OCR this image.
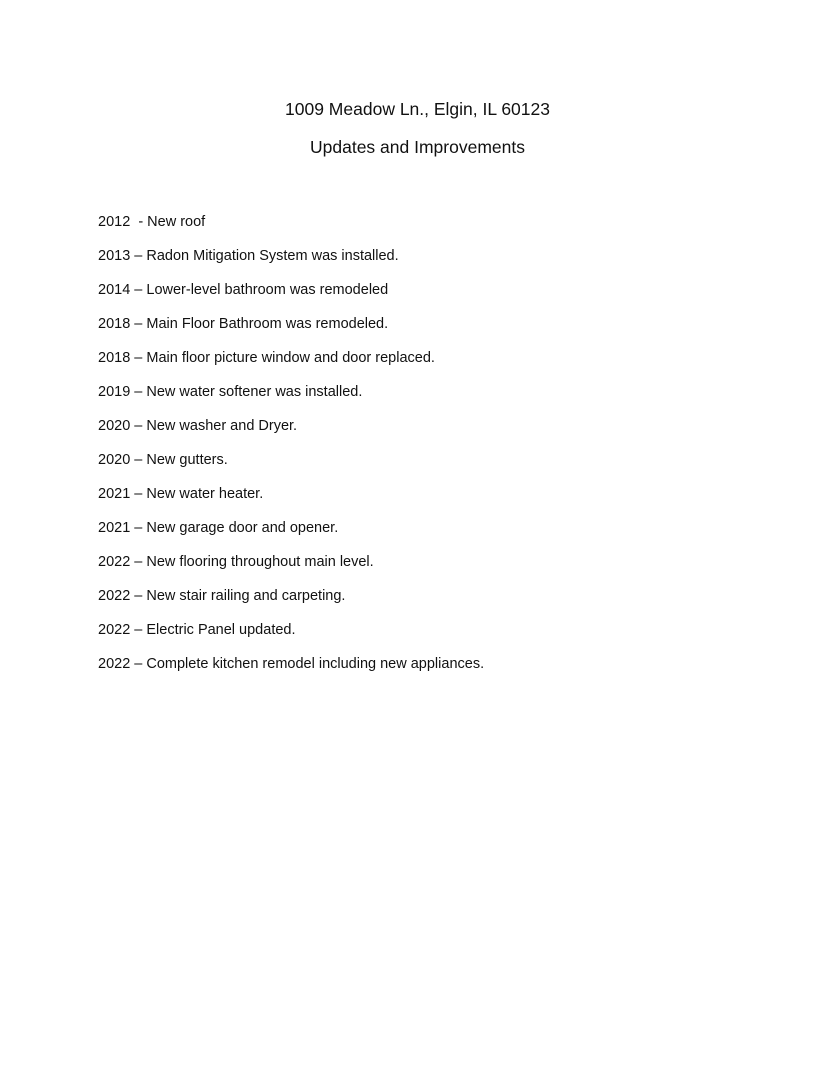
1009 Meadow Ln., Elgin, IL 60123
Updates and Improvements
2012  - New roof
2013 – Radon Mitigation System was installed.
2014 – Lower-level bathroom was remodeled
2018 – Main Floor Bathroom was remodeled.
2018 – Main floor picture window and door replaced.
2019 – New water softener was installed.
2020 – New washer and Dryer.
2020 – New gutters.
2021 – New water heater.
2021 – New garage door and opener.
2022 – New flooring throughout main level.
2022 – New stair railing and carpeting.
2022 – Electric Panel updated.
2022 – Complete kitchen remodel including new appliances.
